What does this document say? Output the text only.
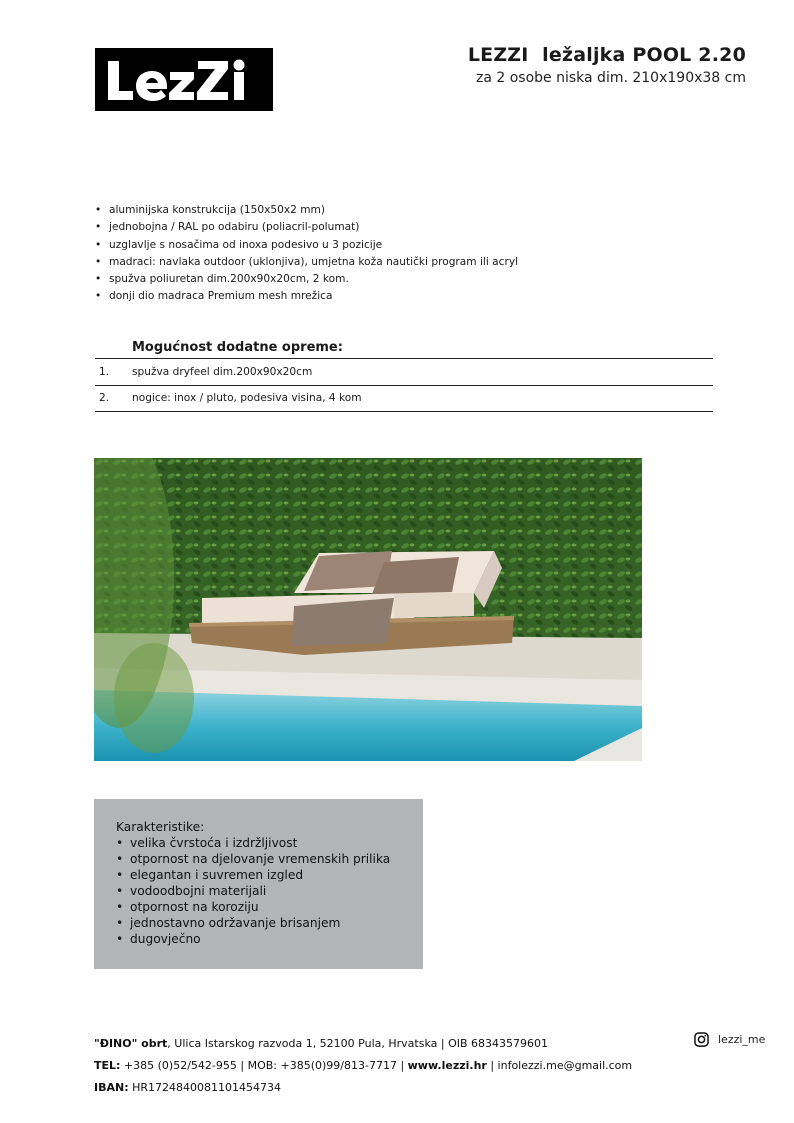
LEZZI  ležaljka POOL 2.20
za 2 osobe niska dim. 210x190x38 cm
• aluminijska konstrukcija (150x50x2 mm)
• jednobojna / RAL po odabiru (poliacril-polumat)
• uzglavlje s nosačima od inoxa podesivo u 3 pozicije
• madraci: navlaka outdoor (uklonjiva), umjetna koža nautički program ili acryl
• spužva poliuretan dim.200x90x20cm, 2 kom.
• donji dio madraca Premium mesh mrežica
Mogućnost dodatne opreme:
1.	spužva dryfeel dim.200x90x20cm
2.	nogice: inox / pluto, podesiva visina, 4 kom
Karakteristike:
• velika čvrstoća i izdržljivost
• otpornost na djelovanje vremenskih prilika
• elegantan i suvremen izgled
• vodoodbojni materijali
• otpornost na koroziju
• jednostavno održavanje brisanjem
• dugovječno
"ĐINO" obrt, Ulica Istarskog razvoda 1, 52100 Pula, Hrvatska | OIB 68343579601
TEL: +385 (0)52/542-955 | MOB: +385(0)99/813-7717 | www.lezzi.hr | infolezzi.me@gmail.com
IBAN: HR1724840081101454734
lezzi_me
